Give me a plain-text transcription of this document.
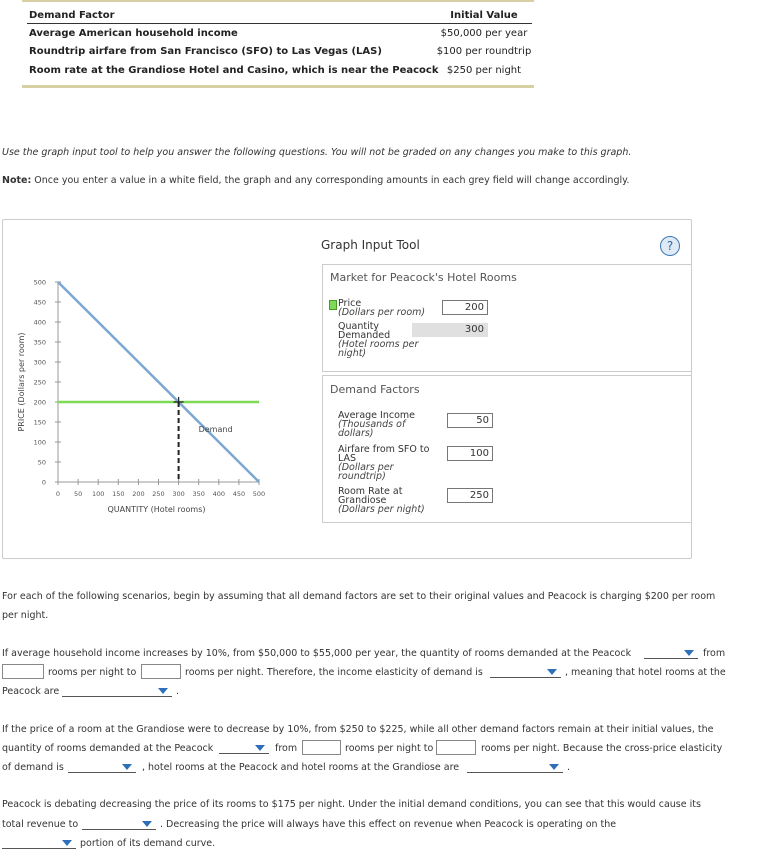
Demand Factor	Initial Value
Average American household income	$50,000 per year
Roundtrip airfare from San Francisco (SFO) to Las Vegas (LAS)	$100 per roundtrip
Room rate at the Grandiose Hotel and Casino, which is near the Peacock $250 per night
Use the graph input tool to help you answer the following questions. You will not be graded on any changes you make to this graph.
Note: Once you enter a value in a white field, the graph and any corresponding amounts in each grey field will change accordingly.
PRICE (Dollars per room)
QUANTITY (Hotel rooms)
0
50
100
150
200
250
300
350
400
450
500
0 50 100 150 200 250 300 350 400 450 500
Demand
Graph Input Tool	?
Market for Peacock's Hotel Rooms
Price
(Dollars per room)	200
Quantity
Demanded
(Hotel rooms per
night)
300
Demand Factors
Average Income
(Thousands of
dollars)
50
Airfare from SFO to
LAS
(Dollars per
roundtrip)
100
Room Rate at
Grandiose
(Dollars per night)
250
For each of the following scenarios, begin by assuming that all demand factors are set to their original values and Peacock is charging $200 per room
per night.
If average household income increases by 10%, from $50,000 to $55,000 per year, the quantity of rooms demanded at the Peacock	from
rooms per night to	rooms per night. Therefore, the income elasticity of demand is	, meaning that hotel rooms at the
Peacock are	.
If the price of a room at the Grandiose were to decrease by 10%, from $250 to $225, while all other demand factors remain at their initial values, the
quantity of rooms demanded at the Peacock	from	rooms per night to	rooms per night. Because the cross-price elasticity
of demand is	, hotel rooms at the Peacock and hotel rooms at the Grandiose are	.
Peacock is debating decreasing the price of its rooms to $175 per night. Under the initial demand conditions, you can see that this would cause its
total revenue to	. Decreasing the price will always have this effect on revenue when Peacock is operating on the
portion of its demand curve.
